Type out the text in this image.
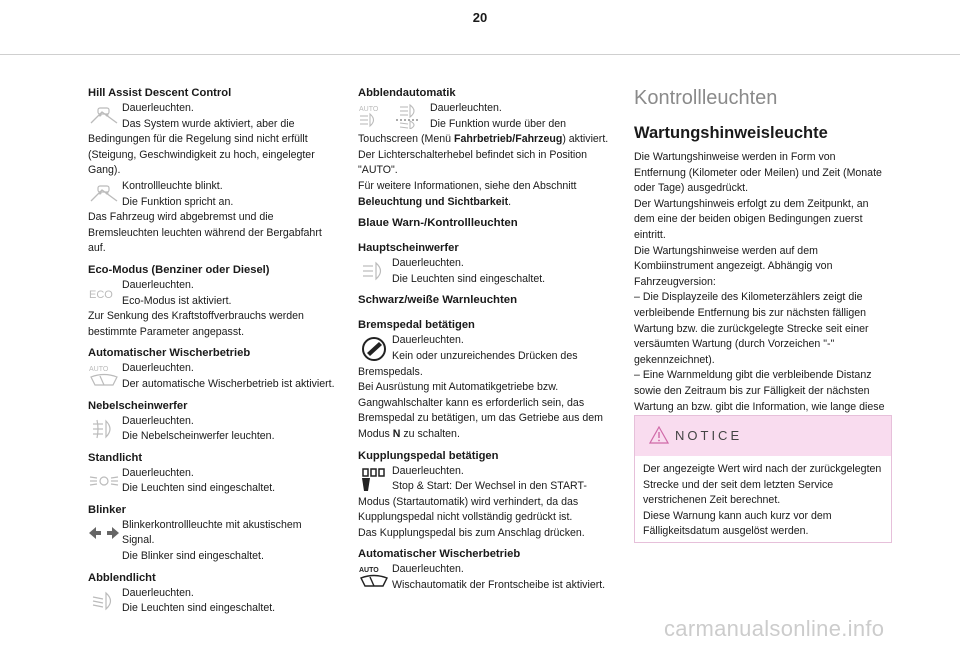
20
Hill Assist Descent Control
Dauerleuchten.
Das System wurde aktiviert, aber die
Bedingungen für die Regelung sind nicht erfüllt (Steigung, Geschwindigkeit zu hoch, eingelegter Gang).
Kontrollleuchte blinkt.
Die Funktion spricht an.
Das Fahrzeug wird abgebremst und die Bremsleuchten leuchten während der Bergabfahrt auf.
Eco-Modus (Benziner oder Diesel)
ECO
Dauerleuchten.
Eco-Modus ist aktiviert.
Zur Senkung des Kraftstoffverbrauchs werden bestimmte Parameter angepasst.
Automatischer Wischerbetrieb
AUTO Dauerleuchten.
Der automatische Wischerbetrieb ist aktiviert.
Nebelscheinwerfer
Dauerleuchten.
Die Nebelscheinwerfer leuchten.
Standlicht
Dauerleuchten.
Die Leuchten sind eingeschaltet.
Blinker
Blinkerkontrollleuchte mit akustischem Signal.
Die Blinker sind eingeschaltet.
Abblendlicht
Dauerleuchten.
Die Leuchten sind eingeschaltet.
Abblendautomatik
AUTO	Dauerleuchten.
Die Funktion wurde über den
Touchscreen (Menü Fahrbetrieb/Fahrzeug) aktiviert.
Der Lichterschalterhebel befindet sich in Position "AUTO".
Für weitere Informationen, siehe den Abschnitt
Beleuchtung und Sichtbarkeit.
Blaue Warn-/Kontrollleuchten
Hauptscheinwerfer
Dauerleuchten.
Die Leuchten sind eingeschaltet.
Schwarz/weiße Warnleuchten
Bremspedal betätigen
Dauerleuchten.
Kein oder unzureichendes Drücken des
Bremspedals.
Bei Ausrüstung mit Automatikgetriebe bzw. Gangwahlschalter kann es erforderlich sein, das Bremspedal zu betätigen, um das Getriebe aus dem Modus N zu schalten.
Kupplungspedal betätigen
Dauerleuchten.
Stop & Start: Der Wechsel in den START-
Modus (Startautomatik) wird verhindert, da das Kupplungspedal nicht vollständig gedrückt ist.
Das Kupplungspedal bis zum Anschlag drücken.
Automatischer Wischerbetrieb
AUTO Dauerleuchten.
Wischautomatik der Frontscheibe ist aktiviert.
Kontrollleuchten
Wartungshinweisleuchte
Die Wartungshinweise werden in Form von Entfernung (Kilometer oder Meilen) und Zeit (Monate oder Tage) ausgedrückt.
Der Wartungshinweis erfolgt zu dem Zeitpunkt, an dem eine der beiden obigen Bedingungen zuerst eintritt.
Die Wartungshinweise werden auf dem Kombiinstrument angezeigt. Abhängig von Fahrzeugversion:
– Die Displayzeile des Kilometerzählers zeigt die verbleibende Entfernung bis zur nächsten fälligen Wartung bzw. die zurückgelegte Strecke seit einer versäumten Wartung (durch Vorzeichen "-" gekennzeichnet).
– Eine Warnmeldung gibt die verbleibende Distanz sowie den Zeitraum bis zur Fälligkeit der nächsten Wartung an bzw. gibt die Information, wie lange diese
NOTICE
Der angezeigte Wert wird nach der zurückgelegten Strecke und der seit dem letzten Service verstrichenen Zeit berechnet.
Diese Warnung kann auch kurz vor dem Fälligkeitsdatum ausgelöst werden.
carmanualsonline.info
